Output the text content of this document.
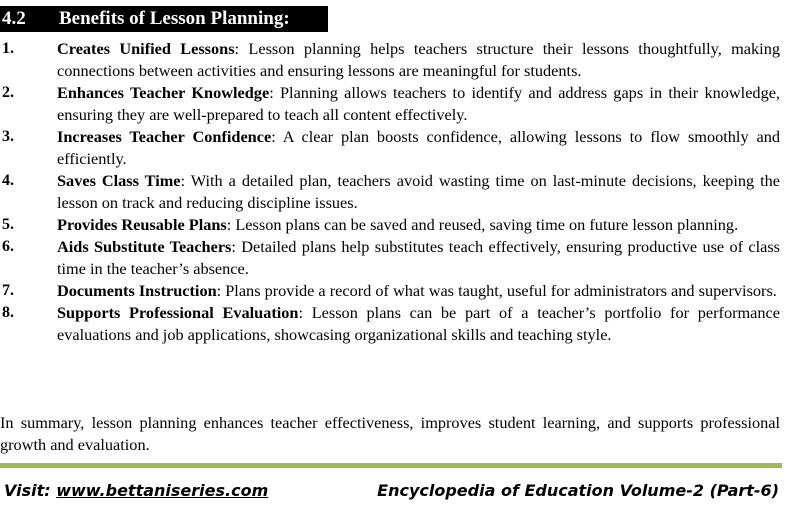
4.2 Benefits of Lesson Planning:
1.	Creates Unified Lessons: Lesson planning helps teachers structure their lessons thoughtfully, making connections between activities and ensuring lessons are meaningful for students.
2.	Enhances Teacher Knowledge: Planning allows teachers to identify and address gaps in their knowledge, ensuring they are well-prepared to teach all content effectively.
3.	Increases Teacher Confidence: A clear plan boosts confidence, allowing lessons to flow smoothly and efficiently.
4.	Saves Class Time: With a detailed plan, teachers avoid wasting time on last-minute decisions, keeping the lesson on track and reducing discipline issues.
5.	Provides Reusable Plans: Lesson plans can be saved and reused, saving time on future lesson planning.
6.	Aids Substitute Teachers: Detailed plans help substitutes teach effectively, ensuring productive use of class time in the teacher’s absence.
7.	Documents Instruction: Plans provide a record of what was taught, useful for administrators and supervisors.
8.	Supports Professional Evaluation: Lesson plans can be part of a teacher’s portfolio for performance evaluations and job applications, showcasing organizational skills and teaching style.
In summary, lesson planning enhances teacher effectiveness, improves student learning, and supports professional growth and evaluation.
Visit: www.bettaniseries.com	Encyclopedia of Education Volume-2 (Part-6)
